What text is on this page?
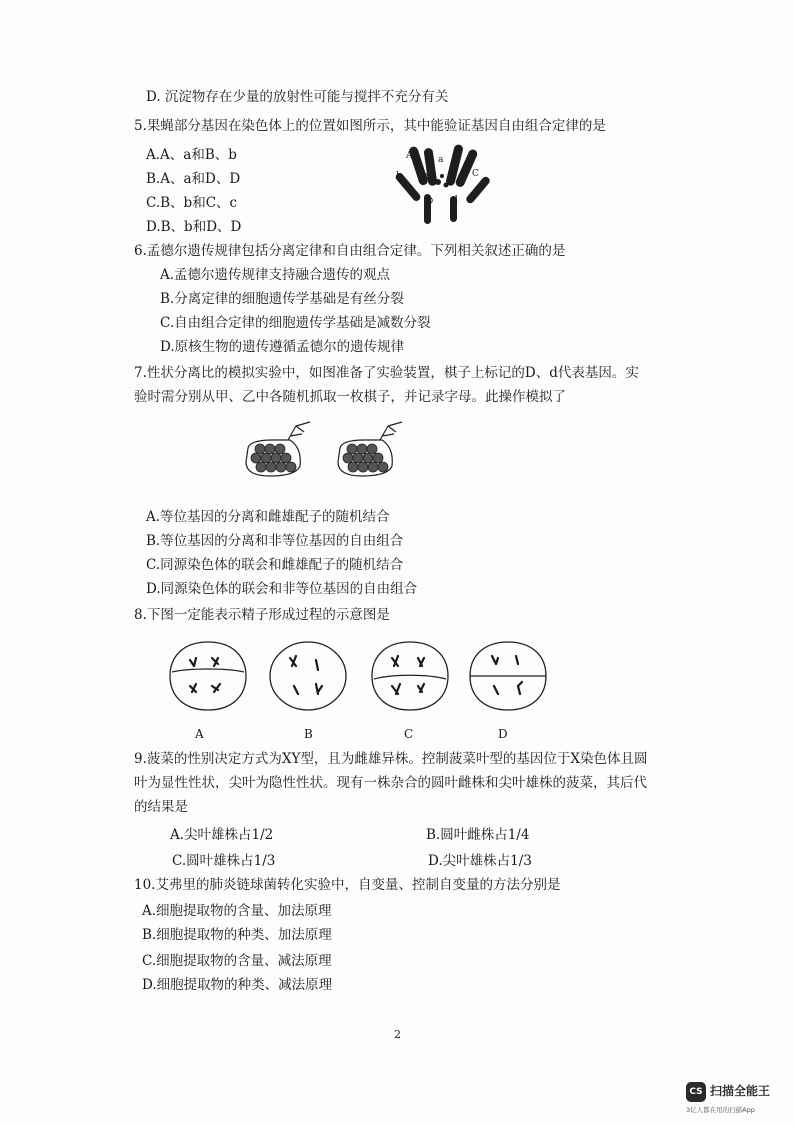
D. 沉淀物存在少量的放射性可能与搅拌不充分有关
5.果蝇部分基因在染色体上的位置如图所示，其中能验证基因自由组合定律的是
A.A、a和B、b
B.A、a和D、D
C.B、b和C、c
D.B、b和D、D
6.孟德尔遗传规律包括分离定律和自由组合定律。下列相关叙述正确的是
A.孟德尔遗传规律支持融合遗传的观点
B.分离定律的细胞遗传学基础是有丝分裂
C.自由组合定律的细胞遗传学基础是减数分裂
D.原核生物的遗传遵循孟德尔的遗传规律
7.性状分离比的模拟实验中，如图准备了实验装置，棋子上标记的D、d代表基因。实
验时需分别从甲、乙中各随机抓取一枚棋子，并记录字母。此操作模拟了
A.等位基因的分离和雌雄配子的随机结合
B.等位基因的分离和非等位基因的自由组合
C.同源染色体的联会和雌雄配子的随机结合
D.同源染色体的联会和非等位基因的自由组合
8.下图一定能表示精子形成过程的示意图是
9.菠菜的性别决定方式为XY型，且为雌雄异株。控制菠菜叶型的基因位于X染色体且圆
叶为显性性状，尖叶为隐性性状。现有一株杂合的圆叶雌株和尖叶雄株的菠菜，其后代
的结果是
A.尖叶雄株占1/2	B.圆叶雌株占1/4
C.圆叶雄株占1/3	D.尖叶雄株占1/3
10.艾弗里的肺炎链球菌转化实验中，自变量、控制自变量的方法分别是
A.细胞提取物的含量、加法原理
B.细胞提取物的种类、加法原理
C.细胞提取物的含量、减法原理
D.细胞提取物的种类、减法原理
A	a
b B	c C
D d
A	B	C	D
2
CS 扫描全能王
3亿人都在用的扫描App
